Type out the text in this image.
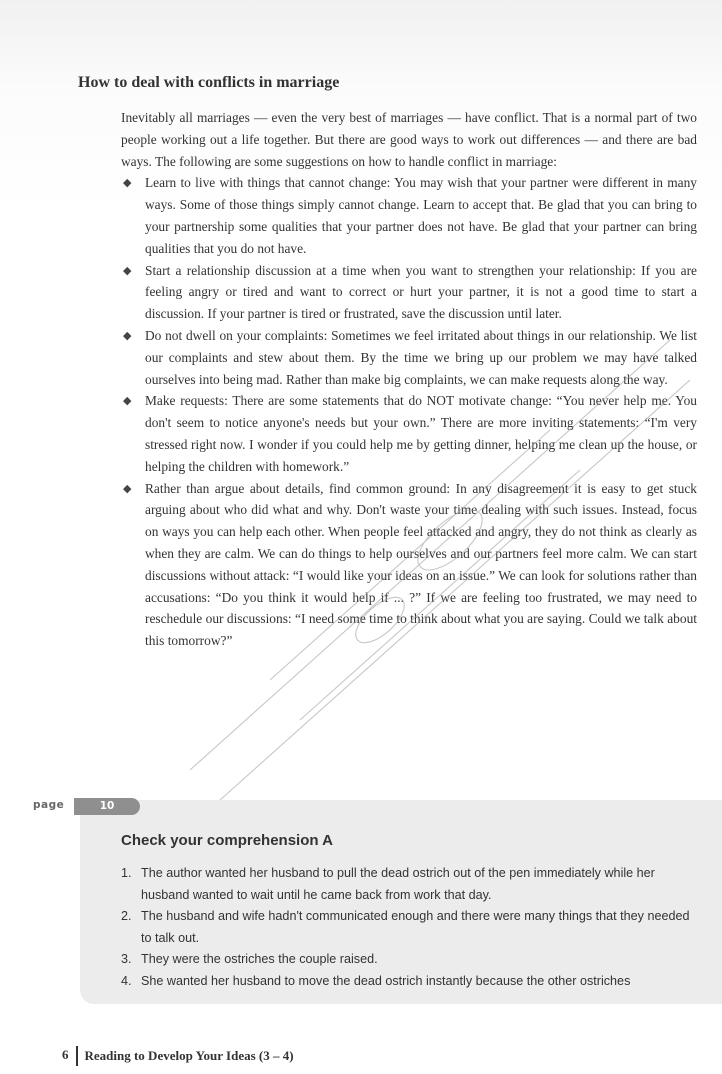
How to deal with conflicts in marriage

Inevitably all marriages — even the very best of marriages — have conflict. That is a normal part of two people working out a life together. But there are good ways to work out differences — and there are bad ways. The following are some suggestions on how to handle conflict in marriage:

◆ Learn to live with things that cannot change: You may wish that your partner were different in many ways. Some of those things simply cannot change. Learn to accept that. Be glad that you can bring to your partnership some qualities that your partner does not have. Be glad that your partner can bring qualities that you do not have.
◆ Start a relationship discussion at a time when you want to strengthen your relationship: If you are feeling angry or tired and want to correct or hurt your partner, it is not a good time to start a discussion. If your partner is tired or frustrated, save the discussion until later.
◆ Do not dwell on your complaints: Sometimes we feel irritated about things in our relationship. We list our complaints and stew about them. By the time we bring up our problem we may have talked ourselves into being mad. Rather than make big complaints, we can make requests along the way.
◆ Make requests: There are some statements that do NOT motivate change: “You never help me. You don't seem to notice anyone's needs but your own.” There are more inviting statements: “I'm very stressed right now. I wonder if you could help me by getting dinner, helping me clean up the house, or helping the children with homework.”
◆ Rather than argue about details, find common ground: In any disagreement it is easy to get stuck arguing about who did what and why. Don't waste your time dealing with such issues. Instead, focus on ways you can help each other. When people feel attacked and angry, they do not think as clearly as when they are calm. We can do things to help ourselves and our partners feel more calm. We can start discussions without attack: “I would like your ideas on an issue.” We can look for solutions rather than accusations: “Do you think it would help if ... ?” If we are feeling too frustrated, we may need to reschedule our discussions: “I need some time to think about what you are saying. Could we talk about this tomorrow?”
page	10
Check your comprehension A
1. The author wanted her husband to pull the dead ostrich out of the pen immediately while her husband wanted to wait until he came back from work that day.
2. The husband and wife hadn't communicated enough and there were many things that they needed to talk out.
3. They were the ostriches the couple raised.
4. She wanted her husband to move the dead ostrich instantly because the other ostriches
6 Reading to Develop Your Ideas (3 – 4)
